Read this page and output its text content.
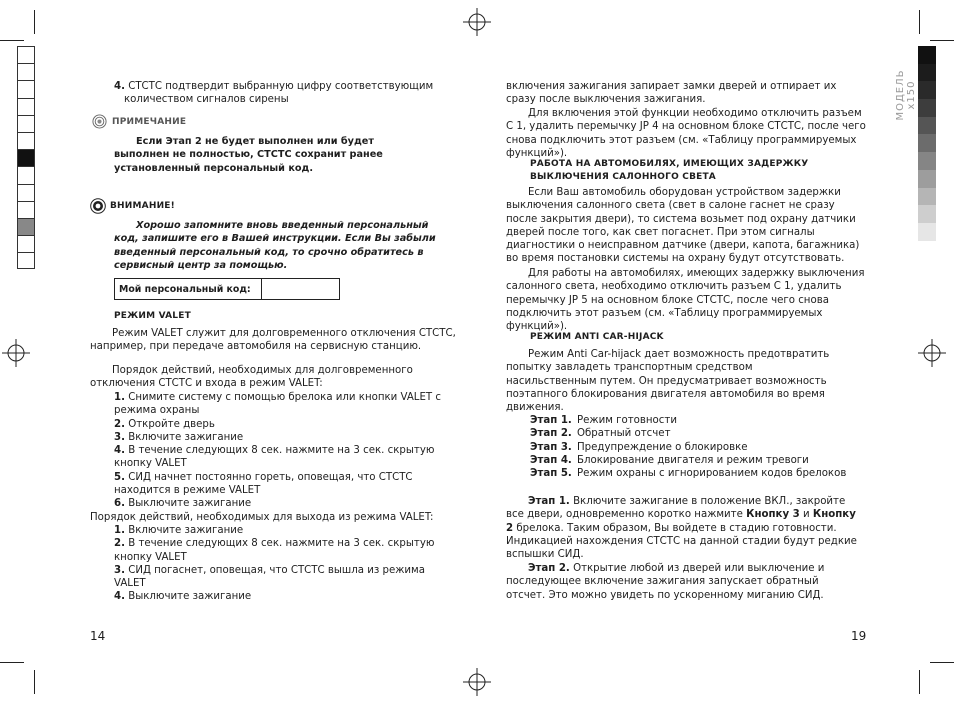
МОДЕЛЬ x150
4. СТСТС подтвердит выбранную цифру соответствующим
количеством сигналов сирены
ПРИМЕЧАНИЕ
Если Этап 2 не будет выполнен или будет выполнен не полностью, СТСТС сохранит ранее установленный персональный код.
ВНИМАНИЕ!
Хорошо запомните вновь введенный персональный код, запишите его в Вашей инструкции. Если Вы забыли введенный персональный код, то срочно обратитесь в сервисный центр за помощью.
Мой персональный код:
РЕЖИМ VALET
Режим VALET служит для долговременного отключения СТСТС, например, при передаче автомобиля на сервисную станцию.
Порядок действий, необходимых для долговременного отключения СТСТС и входа в режим VALET:
1. Снимите систему с помощью брелока или кнопки VALET с режима охраны
2. Откройте дверь
3. Включите зажигание
4. В течение следующих 8 сек. нажмите на 3 сек. скрытую кнопку VALET
5. СИД начнет постоянно гореть, оповещая, что СТСТС находится в режиме VALET
6. Выключите зажигание
Порядок действий, необходимых для выхода из режима VALET:
1. Включите зажигание
2. В течение следующих 8 сек. нажмите на 3 сек. скрытую кнопку VALET
3. СИД погаснет, оповещая, что СТСТС вышла из режима VALET
4. Выключите зажигание
14
включения зажигания запирает замки дверей и отпирает их сразу после выключения зажигания.
Для включения этой функции необходимо отключить разъем С 1, удалить перемычку JP 4 на основном блоке СТСТС, после чего снова подключить этот разъем (см. «Таблицу программируемых функций»).
РАБОТА НА АВТОМОБИЛЯХ, ИМЕЮЩИХ ЗАДЕРЖКУ ВЫКЛЮЧЕНИЯ САЛОННОГО СВЕТА
Если Ваш автомобиль оборудован устройством задержки выключения салонного света (свет в салоне гаснет не сразу после закрытия двери), то система возьмет под охрану датчики дверей после того, как свет погаснет. При этом сигналы диагностики о неисправном датчике (двери, капота, багажника) во время постановки системы на охрану будут отсутствовать.
Для работы на автомобилях, имеющих задержку выключения салонного света, необходимо отключить разъем С 1, удалить перемычку JP 5 на основном блоке СТСТС, после чего снова подключить этот разъем (см. «Таблицу программируемых функций»).
РЕЖИМ ANTI CAR-HIJACK
Режим Anti Car-hijack дает возможность предотвратить попытку завладеть транспортным средством насильственным путем. Он предусматривает возможность поэтапного блокирования двигателя автомобиля во время движения.
Этап 1. Режим готовности
Этап 2. Обратный отсчет
Этап 3. Предупреждение о блокировке
Этап 4. Блокирование двигателя и режим тревоги
Этап 5. Режим охраны с игнорированием кодов брелоков
Этап 1. Включите зажигание в положение ВКЛ., закройте все двери, одновременно коротко нажмите Кнопку 3 и Кнопку 2 брелока. Таким образом, Вы войдете в стадию готовности. Индикацией нахождения СТСТС на данной стадии будут редкие вспышки СИД.
Этап 2. Открытие любой из дверей или выключение и последующее включение зажигания запускает обратный отсчет. Это можно увидеть по ускоренному миганию СИД.
19
